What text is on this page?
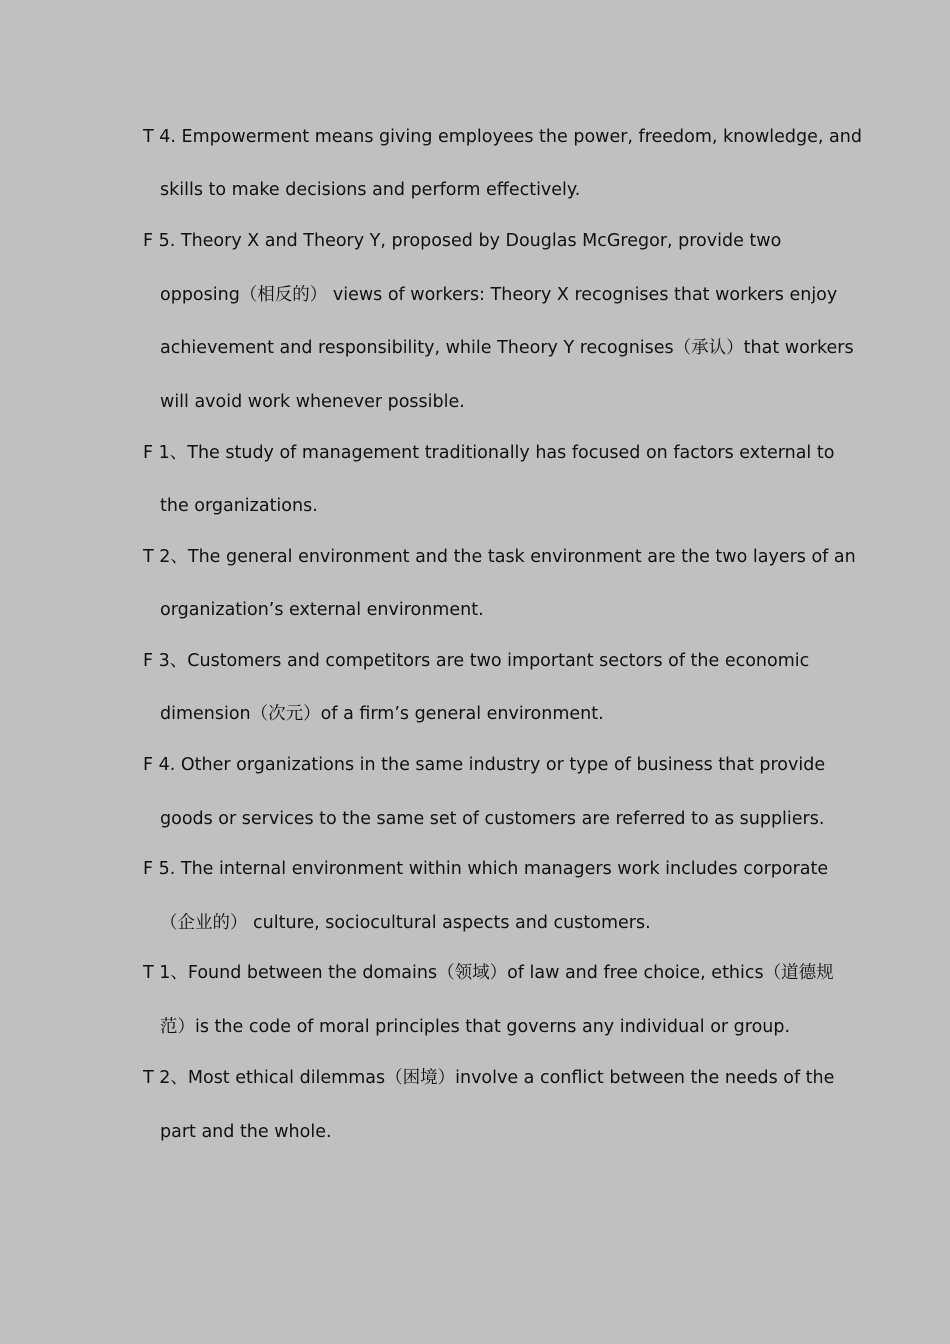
T 4. Empowerment means giving employees the power, freedom, knowledge, and
skills to make decisions and perform effectively.
F 5. Theory X and Theory Y, proposed by Douglas McGregor, provide two
opposing（相反的） views of workers: Theory X recognises that workers enjoy
achievement and responsibility, while Theory Y recognises（承认）that workers
will avoid work whenever possible.
F 1、The study of management traditionally has focused on factors external to
the organizations.
T 2、The general environment and the task environment are the two layers of an
organization’s external environment.
F 3、Customers and competitors are two important sectors of the economic
dimension（次元）of a firm’s general environment.
F 4. Other organizations in the same industry or type of business that provide
goods or services to the same set of customers are referred to as suppliers.
F 5. The internal environment within which managers work includes corporate
（企业的） culture, sociocultural aspects and customers.
T 1、Found between the domains（领域）of law and free choice, ethics（道德规
范）is the code of moral principles that governs any individual or group.
T 2、Most ethical dilemmas（困境）involve a conflict between the needs of the
part and the whole.
